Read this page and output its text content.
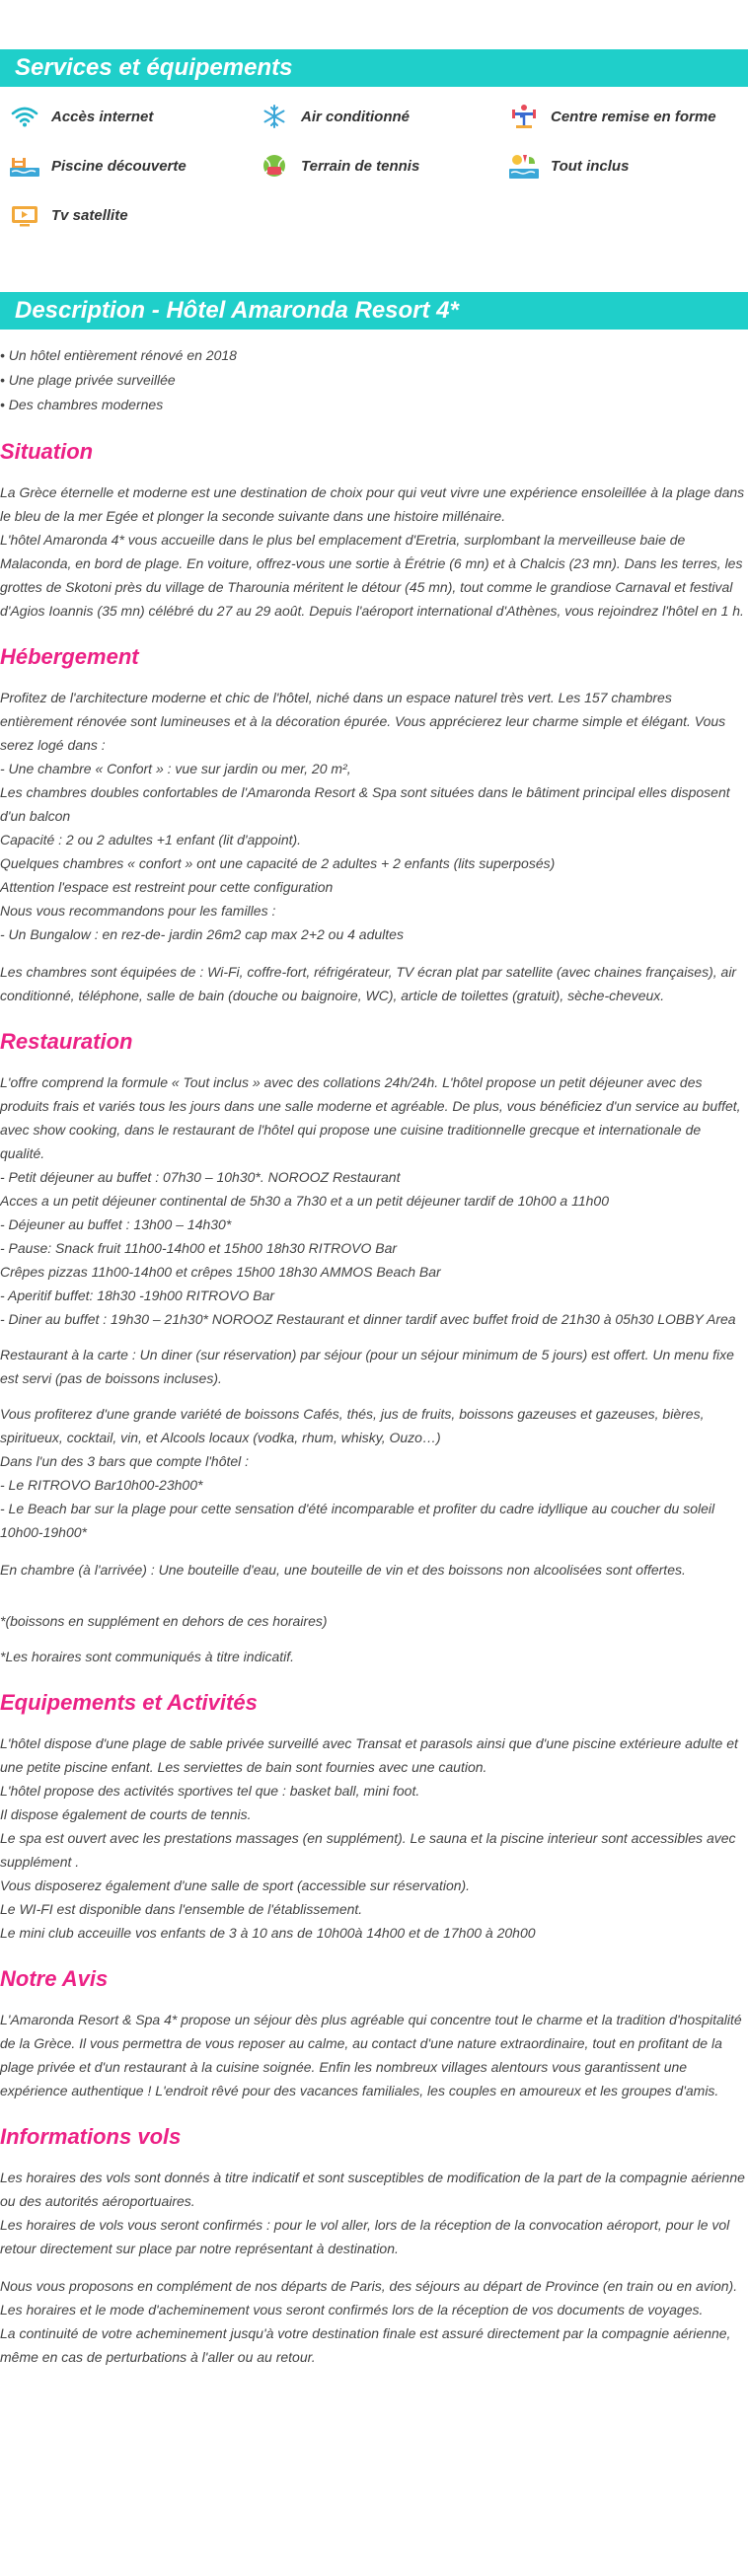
Services et équipements
Accès internet	Air conditionné	Centre remise en forme
Piscine découverte	Terrain de tennis	Tout inclus
Tv satellite
Description - Hôtel Amaronda Resort 4*
• Un hôtel entièrement rénové en 2018
• Une plage privée surveillée
• Des chambres modernes
Situation

La Grèce éternelle et moderne est une destination de choix pour qui veut vivre une expérience ensoleillée à la plage dans le bleu de la mer Egée et plonger la seconde suivante dans une histoire millénaire.
L'hôtel Amaronda 4* vous accueille dans le plus bel emplacement d'Eretria, surplombant la merveilleuse baie de Malaconda, en bord de plage. En voiture, offrez-vous une sortie à Érétrie (6 mn) et à Chalcis (23 mn). Dans les terres, les grottes de Skotoni près du village de Tharounia méritent le détour (45 mn), tout comme le grandiose Carnaval et festival d'Agios Ioannis (35 mn) célébré du 27 au 29 août. Depuis l'aéroport international d'Athènes, vous rejoindrez l'hôtel en 1 h.

Hébergement

Profitez de l'architecture moderne et chic de l'hôtel, niché dans un espace naturel très vert. Les 157 chambres entièrement rénovée sont lumineuses et à la décoration épurée. Vous apprécierez leur charme simple et élégant. Vous serez logé dans :
- Une chambre « Confort » : vue sur jardin ou mer, 20 m²,
Les chambres doubles confortables de l'Amaronda Resort & Spa sont situées dans le bâtiment principal elles disposent d'un balcon
Capacité : 2 ou 2 adultes +1 enfant (lit d'appoint).
Quelques chambres « confort » ont une capacité de 2 adultes + 2 enfants (lits superposés)
Attention l'espace est restreint pour cette configuration
Nous vous recommandons pour les familles :
- Un Bungalow : en rez-de- jardin 26m2 cap max 2+2 ou 4 adultes

Les chambres sont équipées de : Wi-Fi, coffre-fort, réfrigérateur, TV écran plat par satellite (avec chaines françaises), air conditionné, téléphone, salle de bain (douche ou baignoire, WC), article de toilettes (gratuit), sèche-cheveux.

Restauration

L'offre comprend la formule « Tout inclus » avec des collations 24h/24h. L'hôtel propose un petit déjeuner avec des produits frais et variés tous les jours dans une salle moderne et agréable. De plus, vous bénéficiez d'un service au buffet, avec show cooking, dans le restaurant de l'hôtel qui propose une cuisine traditionnelle grecque et internationale de qualité.
- Petit déjeuner au buffet : 07h30 – 10h30*. NOROOZ Restaurant
Acces a un petit déjeuner continental de 5h30 a 7h30 et a un petit déjeuner tardif de 10h00 a 11h00
- Déjeuner au buffet : 13h00 – 14h30*
- Pause: Snack fruit 11h00-14h00 et 15h00 18h30 RITROVO Bar
Crêpes pizzas 11h00-14h00 et crêpes 15h00 18h30 AMMOS Beach Bar
- Aperitif buffet: 18h30 -19h00 RITROVO Bar
- Diner au buffet : 19h30 – 21h30* NOROOZ Restaurant et dinner tardif avec buffet froid de 21h30 à 05h30 LOBBY Area

Restaurant à la carte : Un diner (sur réservation) par séjour (pour un séjour minimum de 5 jours) est offert. Un menu fixe est servi (pas de boissons incluses).

Vous profiterez d'une grande variété de boissons Cafés, thés, jus de fruits, boissons gazeuses et gazeuses, bières, spiritueux, cocktail, vin, et Alcools locaux (vodka, rhum, whisky, Ouzo…)
Dans l'un des 3 bars que compte l'hôtel :
- Le RITROVO Bar10h00-23h00*
- Le Beach bar sur la plage pour cette sensation d'été incomparable et profiter du cadre idyllique au coucher du soleil 10h00-19h00*

En chambre (à l'arrivée) : Une bouteille d'eau, une bouteille de vin et des boissons non alcoolisées sont offertes.

*(boissons en supplément en dehors de ces horaires)

*Les horaires sont communiqués à titre indicatif.

Equipements et Activités

L'hôtel dispose d'une plage de sable privée surveillé avec Transat et parasols ainsi que d'une piscine extérieure adulte et une petite piscine enfant. Les serviettes de bain sont fournies avec une caution.
L'hôtel propose des activités sportives tel que : basket ball, mini foot.
Il dispose également de courts de tennis.
Le spa est ouvert avec les prestations massages (en supplément). Le sauna et la piscine interieur sont accessibles avec supplément .
Vous disposerez également d'une salle de sport (accessible sur réservation).
Le WI-FI est disponible dans l'ensemble de l'établissement.
Le mini club acceuille vos enfants de 3 à 10 ans de 10h00à 14h00 et de 17h00 à 20h00

Notre Avis

L'Amaronda Resort & Spa 4* propose un séjour dès plus agréable qui concentre tout le charme et la tradition d'hospitalité de la Grèce. Il vous permettra de vous reposer au calme, au contact d'une nature extraordinaire, tout en profitant de la plage privée et d'un restaurant à la cuisine soignée. Enfin les nombreux villages alentours vous garantissent une expérience authentique ! L'endroit rêvé pour des vacances familiales, les couples en amoureux et les groupes d'amis.

Informations vols

Les horaires des vols sont donnés à titre indicatif et sont susceptibles de modification de la part de la compagnie aérienne ou des autorités aéroportuaires.
Les horaires de vols vous seront confirmés : pour le vol aller, lors de la réception de la convocation aéroport, pour le vol retour directement sur place par notre représentant à destination.

Nous vous proposons en complément de nos départs de Paris, des séjours au départ de Province (en train ou en avion).
Les horaires et le mode d'acheminement vous seront confirmés lors de la réception de vos documents de voyages.
La continuité de votre acheminement jusqu'à votre destination finale est assuré directement par la compagnie aérienne, même en cas de perturbations à l'aller ou au retour.
